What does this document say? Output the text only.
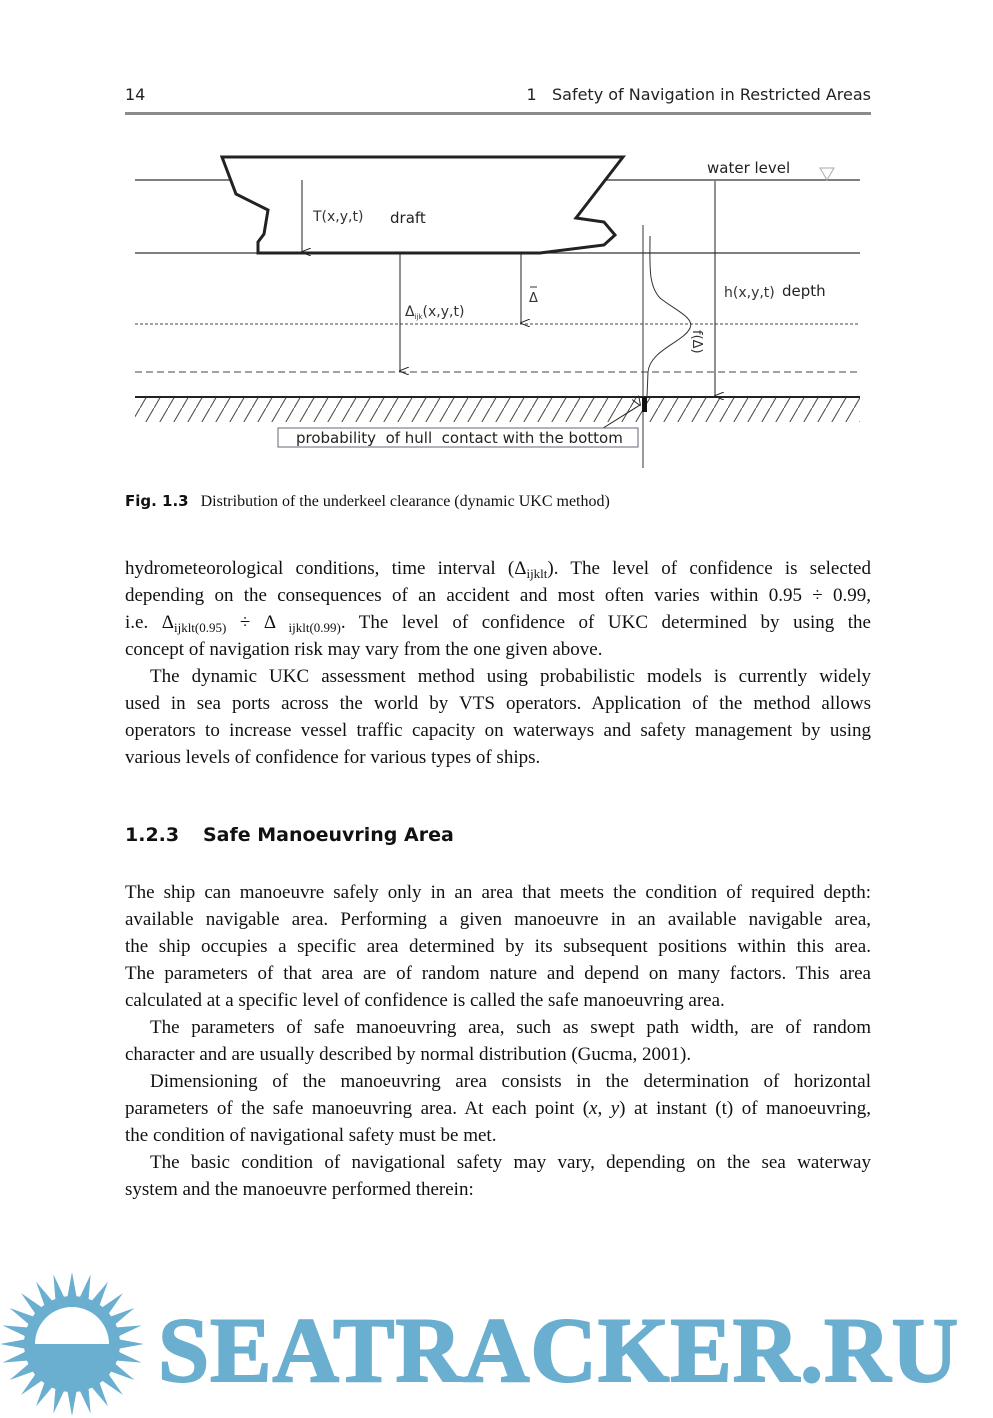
14	1   Safety of Navigation in Restricted Areas
water level
T(x,y,t) draft
$\Delta_{ijk}(x,y,t)$
Δ	h(x,y,t) depth
f(Δ)
probability  of hull  contact with the bottom
Fig. 1.3 Distribution of the underkeel clearance (dynamic UKC method)
hydrometeorological conditions, time interval $(\Delta_{ijklt})$. The level of confidence is selected
depending on the consequences of an accident and most often varies within 0.95 ÷ 0.99,
i.e. $\Delta_{ijklt(0.95)} \div \Delta$ $_{ijklt(0.99)}$. The level of confidence of UKC determined by using the
concept of navigation risk may vary from the one given above.
The dynamic UKC assessment method using probabilistic models is currently widely
used in sea ports across the world by VTS operators. Application of the method allows
operators to increase vessel traffic capacity on waterways and safety management by using
various levels of confidence for various types of ships.
1.2.3 Safe Manoeuvring Area
The ship can manoeuvre safely only in an area that meets the condition of required depth:
available navigable area. Performing a given manoeuvre in an available navigable area,
the ship occupies a specific area determined by its subsequent positions within this area.
The parameters of that area are of random nature and depend on many factors. This area
calculated at a specific level of confidence is called the safe manoeuvring area.
The parameters of safe manoeuvring area, such as swept path width, are of random
character and are usually described by normal distribution (Gucma, 2001).
Dimensioning of the manoeuvring area consists in the determination of horizontal
parameters of the safe manoeuvring area. At each point (x, y) at instant (t) of manoeuvring,
the condition of navigational safety must be met.
The basic condition of navigational safety may vary, depending on the sea waterway
system and the manoeuvre performed therein:
SEATRACKER.RU
